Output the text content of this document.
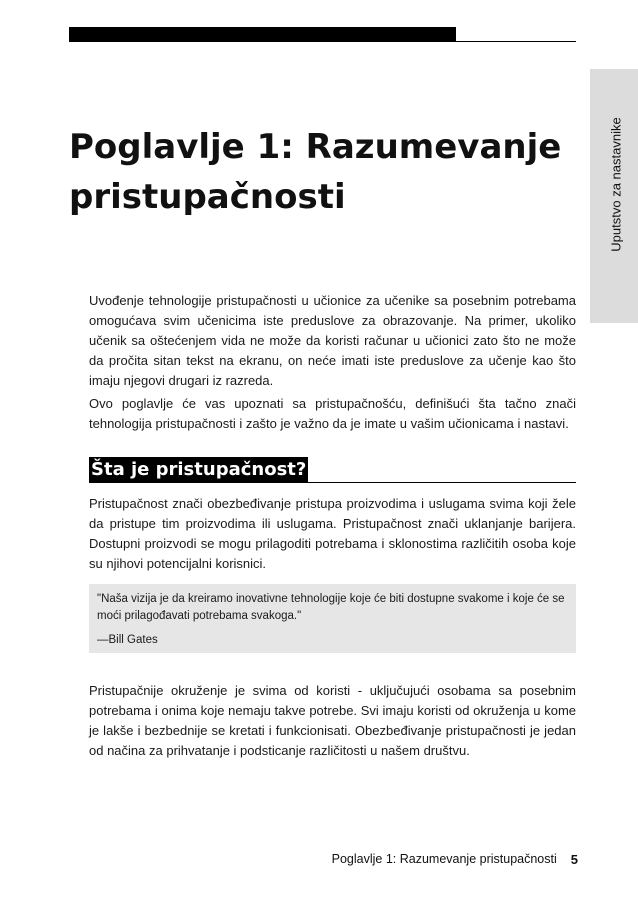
Uputstvo za nastavnike
Poglavlje 1: Razumevanje pristupačnosti

Uvođenje tehnologije pristupačnosti u učionice za učenike sa posebnim potrebama omogućava svim učenicima iste preduslove za obrazovanje. Na primer, ukoliko učenik sa oštećenjem vida ne može da koristi računar u učionici zato što ne može da pročita sitan tekst na ekranu, on neće imati iste preduslove za učenje kao što imaju njegovi drugari iz razreda.

Ovo poglavlje će vas upoznati sa pristupačnošću, definišući šta tačno znači tehnologija pristupačnosti i zašto je važno da je imate u vašim učionicama i nastavi.

Šta je pristupačnost?

Pristupačnost znači obezbeđivanje pristupa proizvodima i uslugama svima koji žele da pristupe tim proizvodima ili uslugama. Pristupačnost znači uklanjanje barijera. Dostupni proizvodi se mogu prilagoditi potrebama i sklonostima različitih osoba koje su njihovi potencijalni korisnici.

"Naša vizija je da kreiramo inovativne tehnologije koje će biti dostupne svakome i koje će se moći prilagođavati potrebama svakoga."

—Bill Gates

Pristupačnije okruženje je svima od koristi - uključujući osobama sa posebnim potrebama i onima koje nemaju takve potrebe. Svi imaju koristi od okruženja u kome je lakše i bezbednije se kretati i funkcionisati. Obezbeđivanje pristupačnosti je jedan od načina za prihvatanje i podsticanje različitosti u našem društvu.

Poglavlje 1: Razumevanje pristupačnosti 5
